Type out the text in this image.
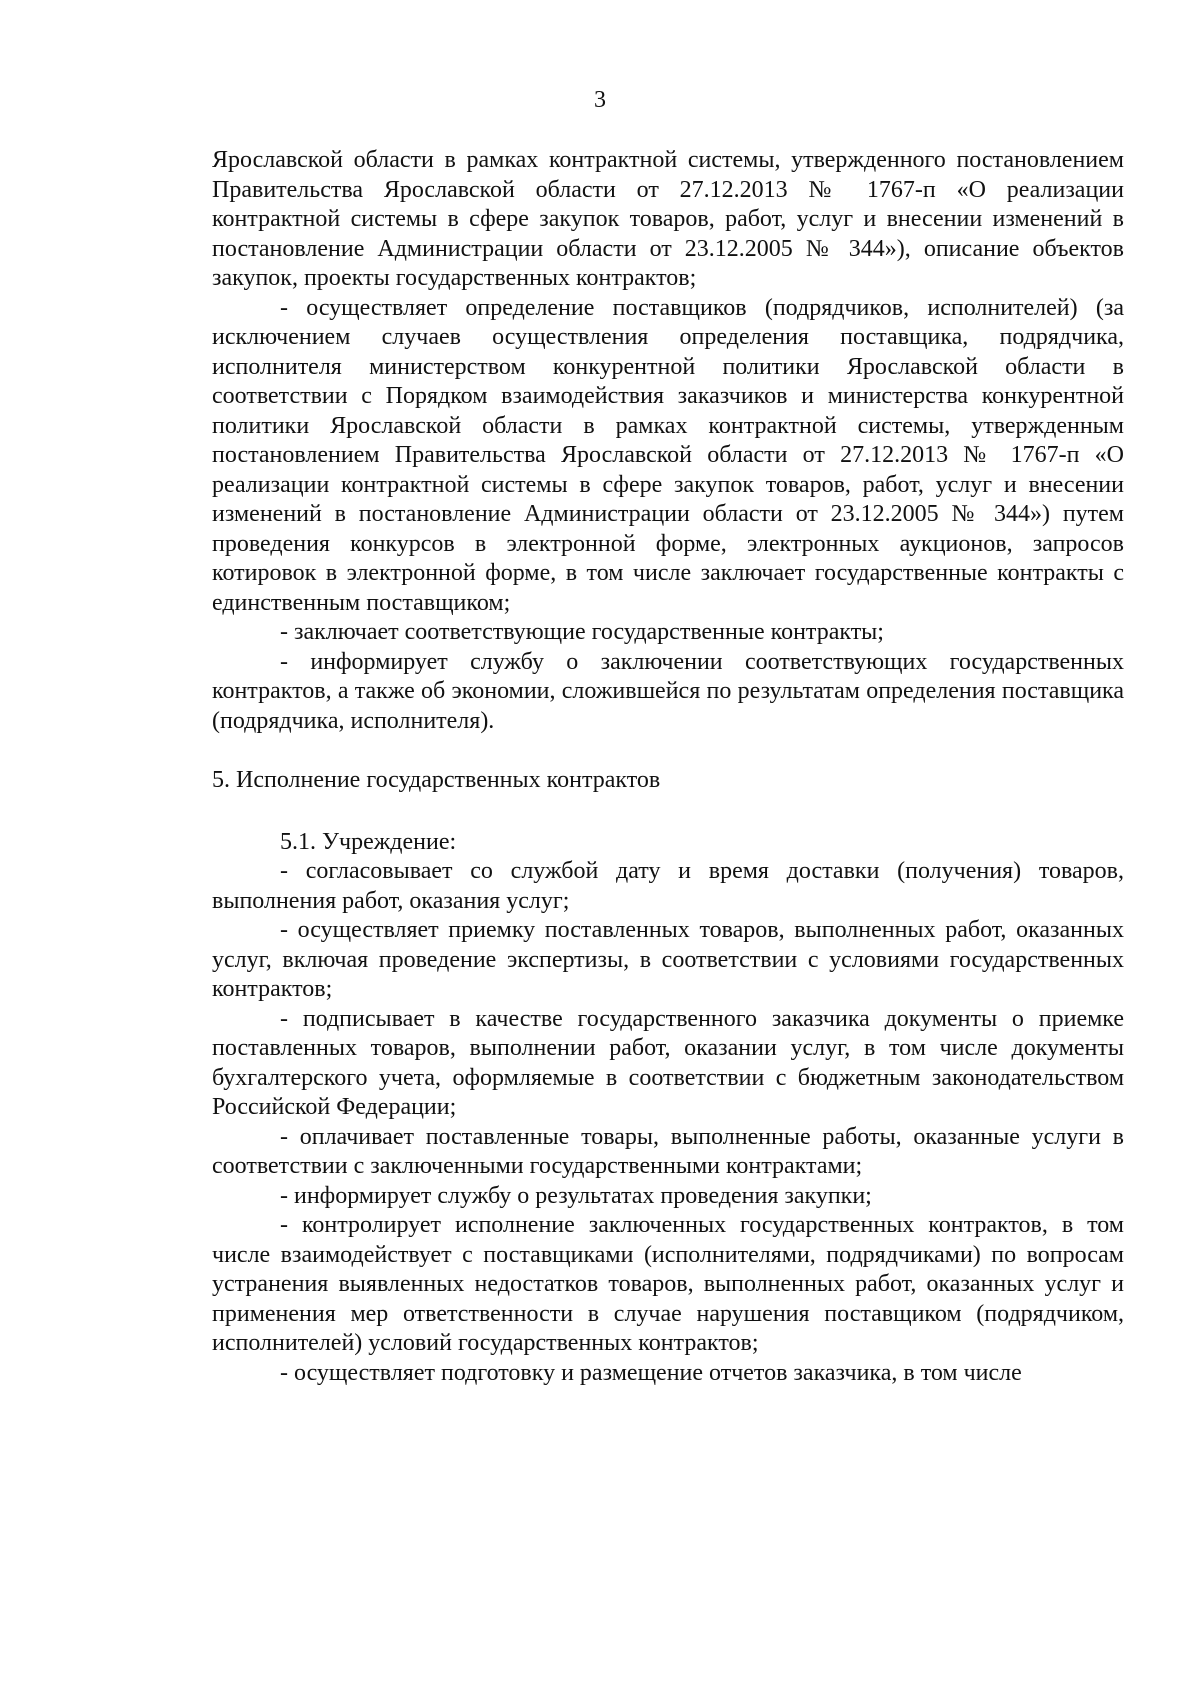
3

Ярославской области в рамках контрактной системы, утвержденного постановлением Правительства Ярославской области от 27.12.2013 № 1767-п «О реализации контрактной системы в сфере закупок товаров, работ, услуг и внесении изменений в постановление Администрации области от 23.12.2005 № 344»), описание объектов закупок, проекты государственных контрактов;

- осуществляет определение поставщиков (подрядчиков, исполнителей) (за исключением случаев осуществления определения поставщика, подрядчика, исполнителя министерством конкурентной политики Ярославской области в соответствии с Порядком взаимодействия заказчиков и министерства конкурентной политики Ярославской области в рамках контрактной системы, утвержденным постановлением Правительства Ярославской области от 27.12.2013 № 1767-п «О реализации контрактной системы в сфере закупок товаров, работ, услуг и внесении изменений в постановление Администрации области от 23.12.2005 № 344») путем проведения конкурсов в электронной форме, электронных аукционов, запросов котировок в электронной форме, в том числе заключает государственные контракты с единственным поставщиком;

- заключает соответствующие государственные контракты;

- информирует службу о заключении соответствующих государственных контрактов, а также об экономии, сложившейся по результатам определения поставщика (подрядчика, исполнителя).

5. Исполнение государственных контрактов

5.1. Учреждение:

- согласовывает со службой дату и время доставки (получения) товаров, выполнения работ, оказания услуг;

- осуществляет приемку поставленных товаров, выполненных работ, оказанных услуг, включая проведение экспертизы, в соответствии с условиями государственных контрактов;

- подписывает в качестве государственного заказчика документы о приемке поставленных товаров, выполнении работ, оказании услуг, в том числе документы бухгалтерского учета, оформляемые в соответствии с бюджетным законодательством Российской Федерации;

- оплачивает поставленные товары, выполненные работы, оказанные услуги в соответствии с заключенными государственными контрактами;

- информирует службу о результатах проведения закупки;

- контролирует исполнение заключенных государственных контрактов, в том числе взаимодействует с поставщиками (исполнителями, подрядчиками) по вопросам устранения выявленных недостатков товаров, выполненных работ, оказанных услуг и применения мер ответственности в случае нарушения поставщиком (подрядчиком, исполнителей) условий государственных контрактов;

- осуществляет подготовку и размещение отчетов заказчика, в том числе
